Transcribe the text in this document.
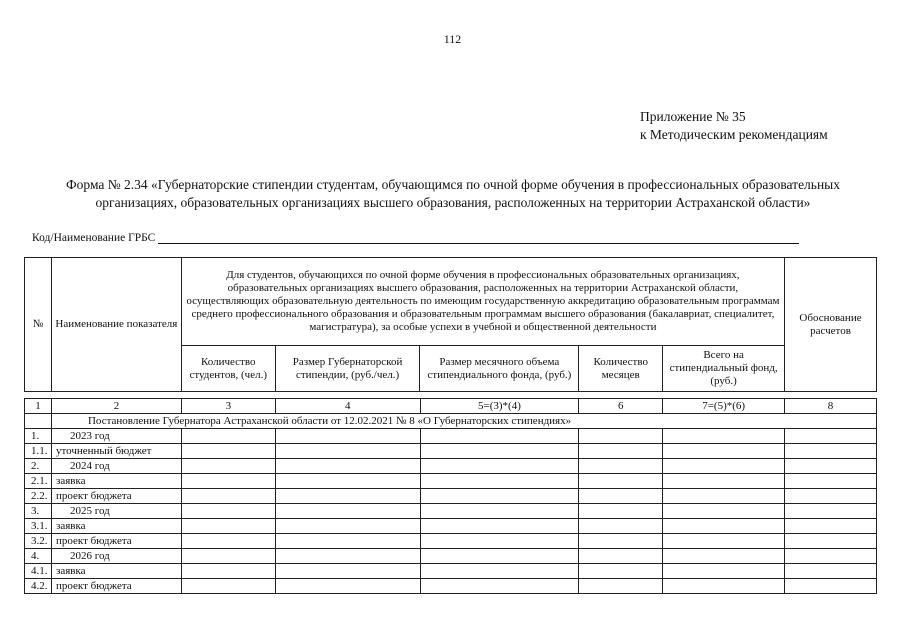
112
Приложение № 35
к Методическим рекомендациям
Форма № 2.34 «Губернаторские стипендии студентам, обучающимся по очной форме обучения в профессиональных образовательных организациях, образовательных организациях высшего образования, расположенных на территории Астраханской области»
Код/Наименование ГРБС
№	Наименование показателя	Для студентов, обучающихся по очной форме обучения в профессиональных образовательных организациях, образовательных организациях высшего образования, расположенных на территории Астраханской области, осуществляющих образовательную деятельность по имеющим государственную аккредитацию образовательным программам среднего профессионального образования и образовательным программам высшего образования (бакалавриат, специалитет, магистратура), за особые успехи в учебной и общественной деятельности					Обоснование расчетов
		Количество студентов, (чел.)	Размер Губернаторской стипендии, (руб./чел.)	Размер месячного объема стипендиального фонда, (руб.)	Количество месяцев	Всего на стипендиальный фонд, (руб.)	
1	2	3	4	5=(3)*(4)	6	7=(5)*(6)	8
	Постановление Губернатора Астраханской области от 12.02.2021 № 8 «О Губернаторских стипендиях»						
1.	2023 год						
1.1.	уточненный бюджет						
2.	2024 год						
2.1.	заявка						
2.2.	проект бюджета						
3.	2025 год						
3.1.	заявка						
3.2.	проект бюджета						
4.	2026 год						
4.1.	заявка						
4.2.	проект бюджета						
